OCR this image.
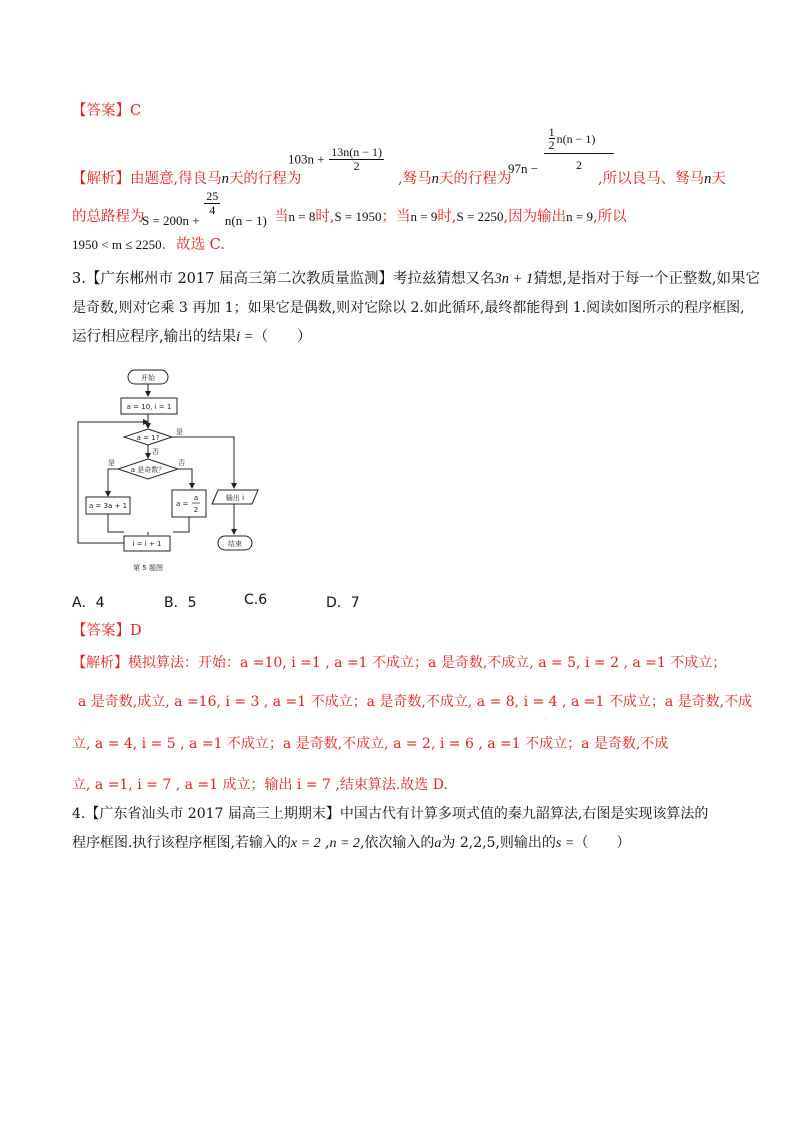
【答案】C
$103n + \frac{13n(n - 1)}{2}$	97n −
1
2 n(n − 1)
2
【解析】由题意,得良马n天的行程为	,驽马n天的行程为	,所以良马、驽马n天
的总路程为
S = 200n +
$\frac{25}{4}$
n(n − 1) 当n = 8时,S = 1950；当n = 9时,S = 2250,因为输出n = 9,所以
1950 < m ≤ 2250．故选 C.
3.【广东郴州市 2017 届高三第二次教质量监测】考拉兹猜想又名3n + 1猜想,是指对于每一个正整数,如果它
是奇数,则对它乘 3 再加 1；如果它是偶数,则对它除以 2.如此循环,最终都能得到 1.阅读如图所示的程序框图,
运行相应程序,输出的结果i =（　　）
开始
a = 10, i = 1
a = 1?
是
否
a 是奇数？
是	否
a = 3a + 1	a =
a
2
输出 i
i = i + 1	结束
第 5 题图
A．4	B．5	C.6	D．7
【答案】D
【解析】模拟算法：开始：a =10, i =1 , a =1 不成立；a 是奇数,不成立, a = 5, i = 2 , a =1 不成立；
a 是奇数,成立, a =16, i = 3 , a =1 不成立；a 是奇数,不成立, a = 8, i = 4 , a =1 不成立；a 是奇数,不成
立, a = 4, i = 5 , a =1 不成立；a 是奇数,不成立, a = 2, i = 6 , a =1 不成立；a 是奇数,不成
立, a =1, i = 7 , a =1 成立；输出 i = 7 ,结束算法.故选 D.
4.【广东省汕头市 2017 届高三上期期末】中国古代有计算多项式值的秦九韶算法,右图是实现该算法的
程序框图.执行该程序框图,若输入的x = 2 ,n = 2,依次输入的a为 2,2,5,则输出的s =（　　）
